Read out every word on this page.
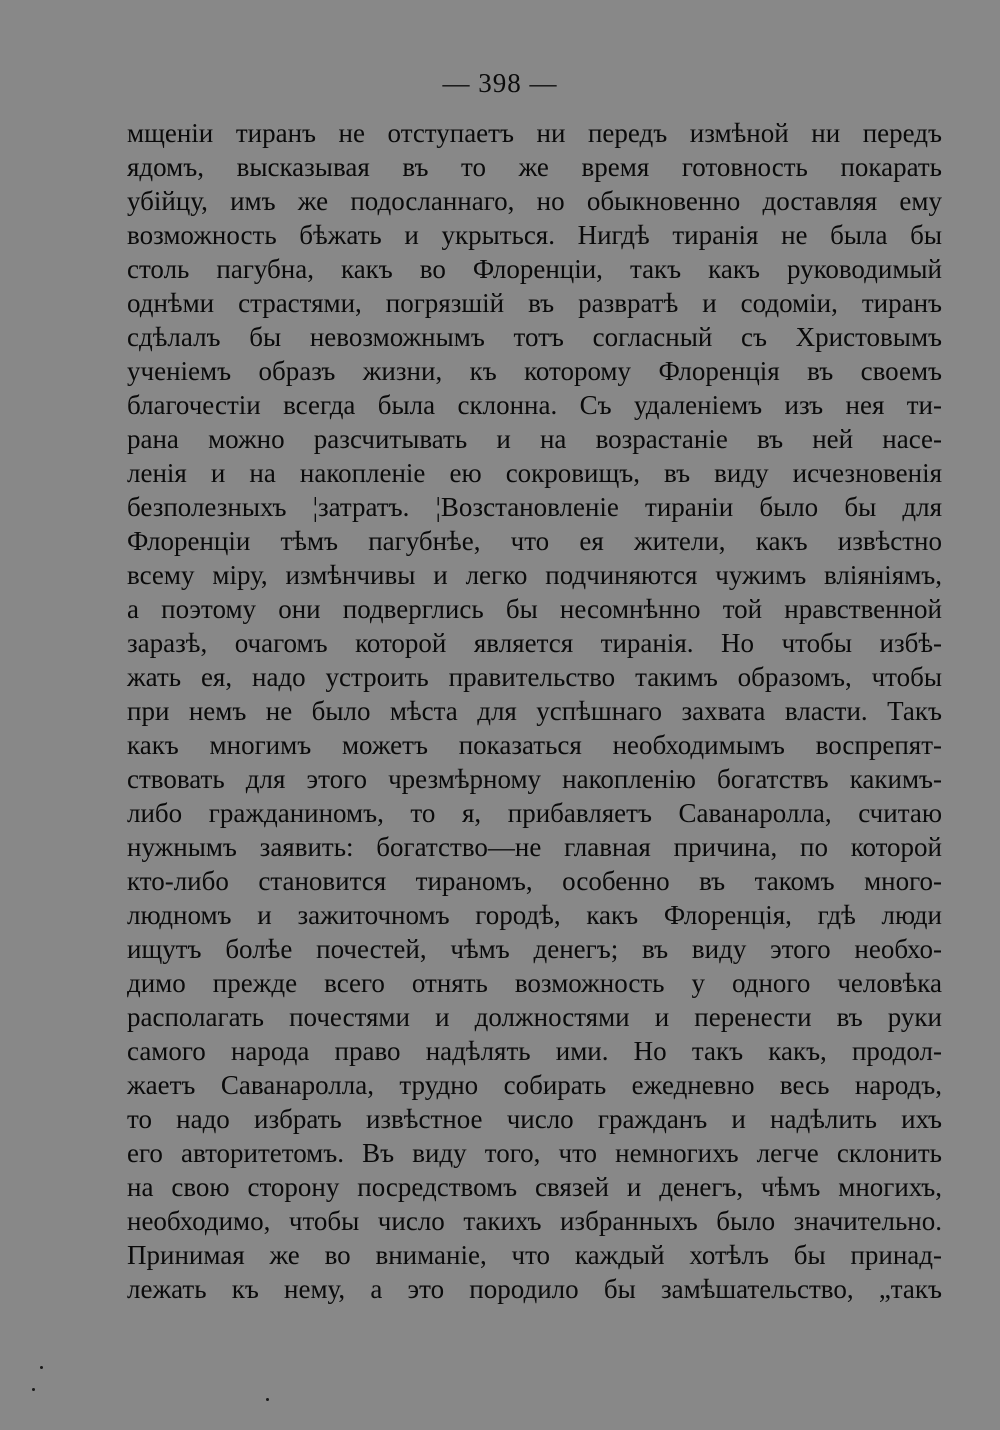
— 398 —
мщеніи тиранъ не отступаетъ ни передъ измѣной ни передъ
ядомъ, высказывая въ то же время готовность покарать
убійцу, имъ же подосланнаго, но обыкновенно доставляя ему
возможность бѣжать и укрыться. Нигдѣ тиранія не была бы
столь пагубна, какъ во Флоренціи, такъ какъ руководимый
однѣми страстями, погрязшій въ развратѣ и содоміи, тиранъ
сдѣлалъ бы невозможнымъ тотъ согласный съ Христовымъ
ученіемъ образъ жизни, къ которому Флоренція въ своемъ
благочестіи всегда была склонна. Съ удаленіемъ изъ нея ти-
рана можно разсчитывать и на возрастаніе въ ней насе-
ленія и на накопленіе ею сокровищъ, въ виду исчезновенія
безполезныхъ ¦затратъ. ¦Возстановленіе тираніи было бы для
Флоренціи тѣмъ пагубнѣе, что ея жители, какъ извѣстно
всему міру, измѣнчивы и легко подчиняются чужимъ вліяніямъ,
а поэтому они подверглись бы несомнѣнно той нравственной
заразѣ, очагомъ которой является тиранія. Но чтобы избѣ-
жать ея, надо устроить правительство такимъ образомъ, чтобы
при немъ не было мѣста для успѣшнаго захвата власти. Такъ
какъ многимъ можетъ показаться необходимымъ воспрепят-
ствовать для этого чрезмѣрному накопленію богатствъ какимъ-
либо гражданиномъ, то я, прибавляетъ Саванаролла, считаю
нужнымъ заявить: богатство—не главная причина, по которой
кто-либо становится тираномъ, особенно въ такомъ много-
людномъ и зажиточномъ городѣ, какъ Флоренція, гдѣ люди
ищутъ болѣе почестей, чѣмъ денегъ; въ виду этого необхо-
димо прежде всего отнять возможность у одного человѣка
располагать почестями и должностями и перенести въ руки
самого народа право надѣлять ими. Но такъ какъ, продол-
жаетъ Саванаролла, трудно собирать ежедневно весь народъ,
то надо избрать извѣстное число гражданъ и надѣлить ихъ
его авторитетомъ. Въ виду того, что немногихъ легче склонить
на свою сторону посредствомъ связей и денегъ, чѣмъ многихъ,
необходимо, чтобы число такихъ избранныхъ было значительно.
Принимая же во вниманіе, что каждый хотѣлъ бы принад-
лежать къ нему, а это породило бы замѣшательство, „такъ
